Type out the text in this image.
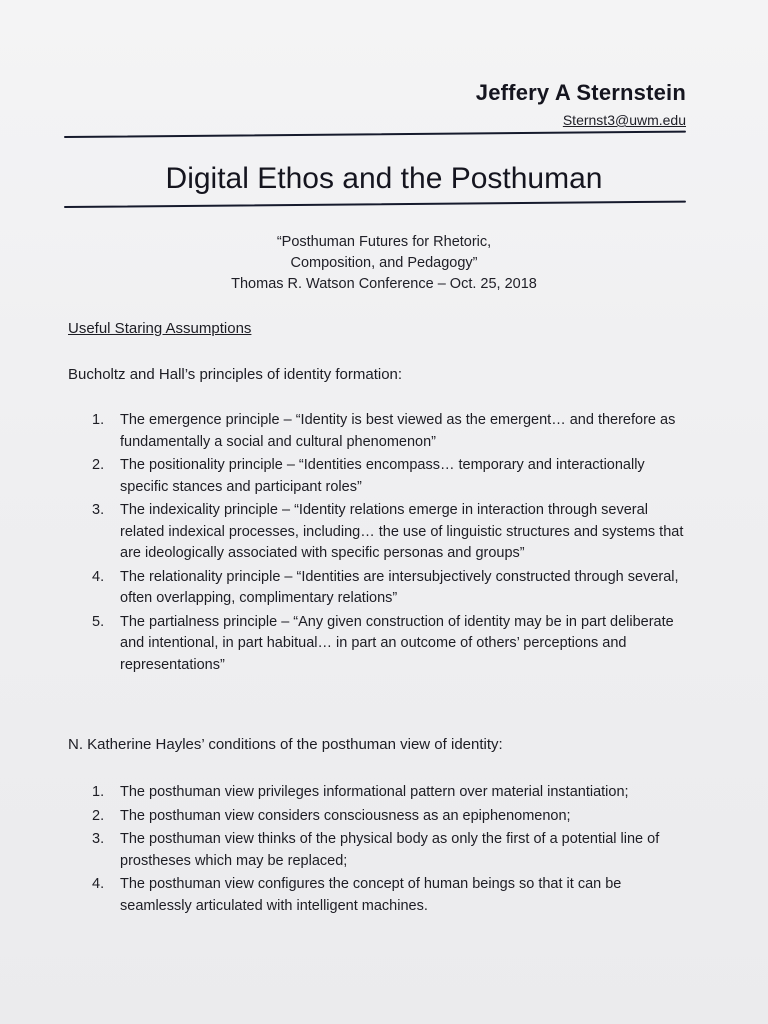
Jeffery A Sternstein
Sternst3@uwm.edu
Digital Ethos and the Posthuman
“Posthuman Futures for Rhetoric,
Composition, and Pedagogy”
Thomas R. Watson Conference – Oct. 25, 2018
Useful Staring Assumptions
Bucholtz and Hall’s principles of identity formation:
1. The emergence principle – “Identity is best viewed as the emergent… and therefore as fundamentally a social and cultural phenomenon”
2. The positionality principle – “Identities encompass… temporary and interactionally specific stances and participant roles”
3. The indexicality principle – “Identity relations emerge in interaction through several related indexical processes, including… the use of linguistic structures and systems that are ideologically associated with specific personas and groups”
4. The relationality principle – “Identities are intersubjectively constructed through several, often overlapping, complimentary relations”
5. The partialness principle – “Any given construction of identity may be in part deliberate and intentional, in part habitual… in part an outcome of others’ perceptions and representations”
N. Katherine Hayles’ conditions of the posthuman view of identity:
1. The posthuman view privileges informational pattern over material instantiation;
2. The posthuman view considers consciousness as an epiphenomenon;
3. The posthuman view thinks of the physical body as only the first of a potential line of prostheses which may be replaced;
4. The posthuman view configures the concept of human beings so that it can be seamlessly articulated with intelligent machines.
